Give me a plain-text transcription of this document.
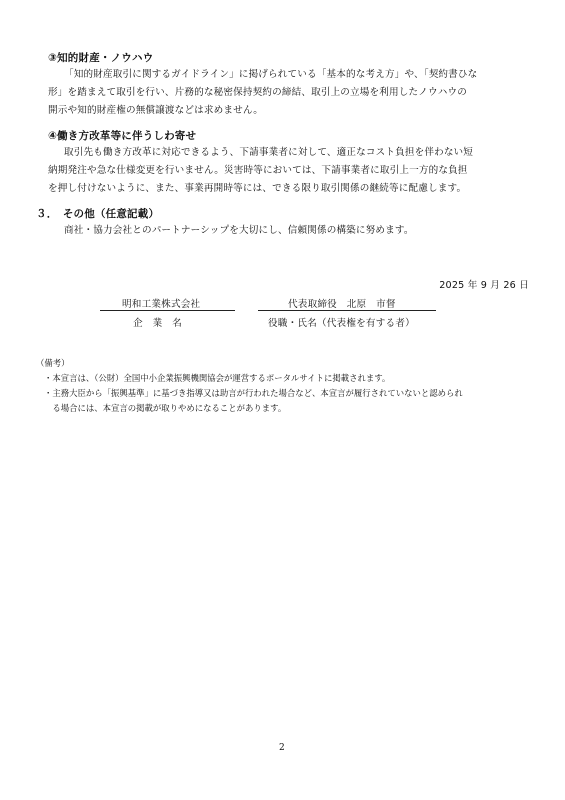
③知的財産・ノウハウ
「知的財産取引に関するガイドライン」に掲げられている「基本的な考え方」や、「契約書ひな
形」を踏まえて取引を行い、片務的な秘密保持契約の締結、取引上の立場を利用したノウハウの
開示や知的財産権の無償譲渡などは求めません。
④働き方改革等に伴うしわ寄せ
取引先も働き方改革に対応できるよう、下請事業者に対して、適正なコスト負担を伴わない短
納期発注や急な仕様変更を行いません。災害時等においては、下請事業者に取引上一方的な負担
を押し付けないように、また、事業再開時等には、できる限り取引関係の継続等に配慮します。
３．　その他（任意記載）
商社・協力会社とのパートナーシップを大切にし、信頼関係の構築に努めます。
2025 年 9 月 26 日
明和工業株式会社
企　業　名
代表取締役　北原　市督
役職・氏名（代表権を有する者）
（備考）
・本宣言は、（公財）全国中小企業振興機関協会が運営するポータルサイトに掲載されます。
・主務大臣から「振興基準」に基づき指導又は助言が行われた場合など、本宣言が履行されていないと認められ
　る場合には、本宣言の掲載が取りやめになることがあります。
2
